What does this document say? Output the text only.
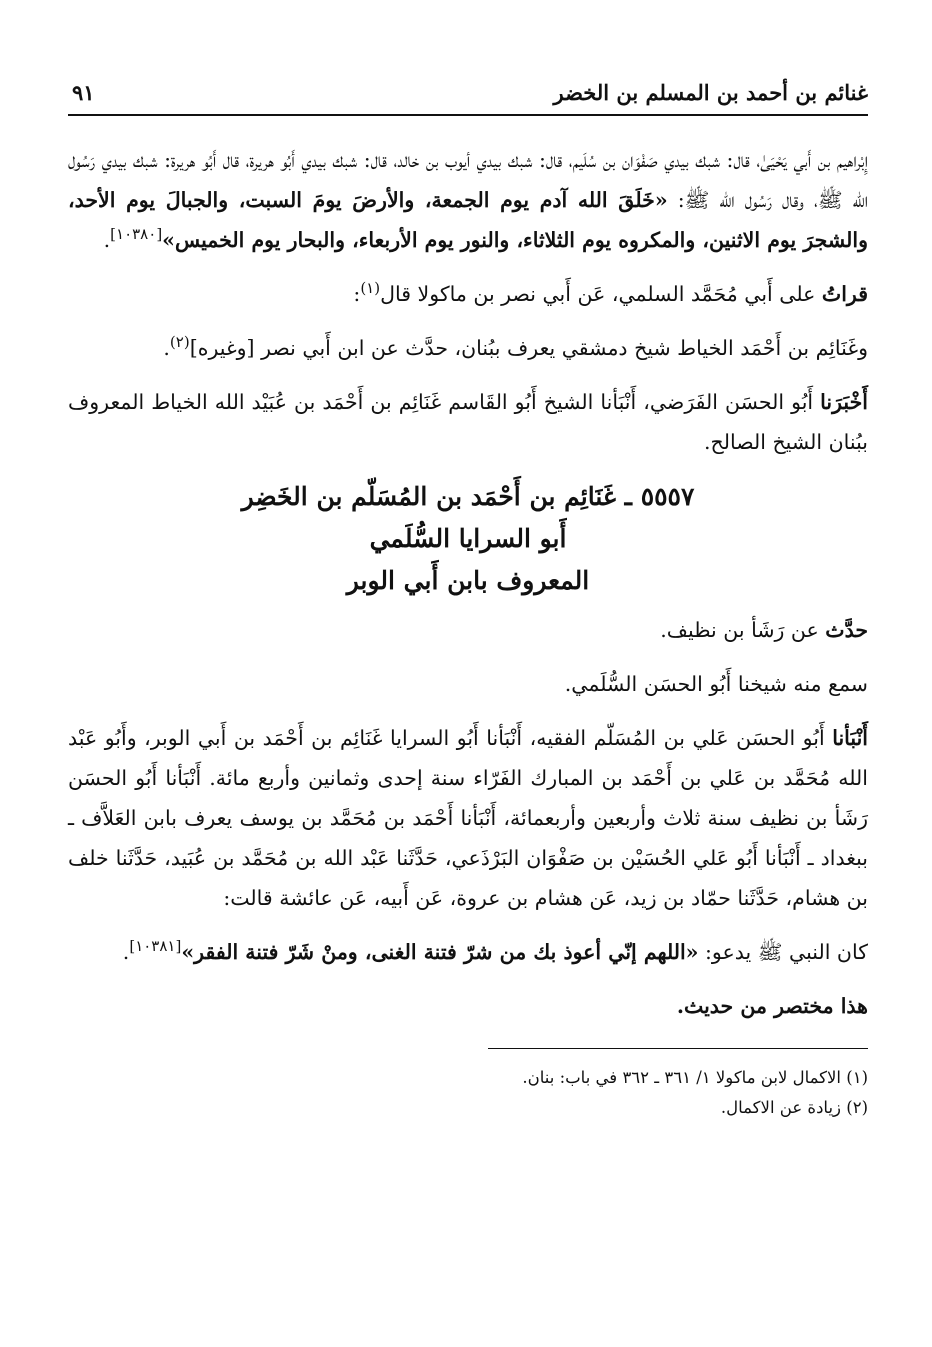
غنائم بن أحمد بن المسلم بن الخضر
٩١

إِبْراهيم بن أَبي يَحْيَىٰ، قال: شبك بيدي صَفْوَان بن سُلَيم، قال: شبك بيدي أيوب بن خالد، قال: شبك بيدي أَبُو هريرة، قال أَبُو هريرة: شبك بيدي رَسُول الله ﷺ، وقال رَسُول الله ﷺ: «خَلَقَ الله آدم يوم الجمعة، والأرضَ يومَ السبت، والجبالَ يوم الأحد، والشجرَ يوم الاثنين، والمكروه يوم الثلاثاء، والنور يوم الأربعاء، والبحار يوم الخميس»[١٠٣٨٠].

قراتُ على أَبي مُحَمَّد السلمي، عَن أَبي نصر بن ماكولا قال$^{(١)}$:

وغَنَائِم بن أَحْمَد الخياط شيخ دمشقي يعرف ببُنان، حدَّث عن ابن أَبي نصر [وغيره]$^{(٢)}$.

أَخْبَرَنا أَبُو الحسَن الفَرَضي، أَنْبَأنا الشيخ أَبُو القَاسم غَنَائِم بن أَحْمَد بن عُبَيْد الله الخياط المعروف ببُنان الشيخ الصالح.

٥٥٥٧ ـ غَنَائِم بن أَحْمَد بن المُسَلّم بن الخَضِر
أَبو السرايا السُّلَمي
المعروف بابن أَبي الوبر

حدَّث عن رَشَأ بن نظيف.

سمع منه شيخنا أَبُو الحسَن السُّلَمي.

أَنْبَأنا أَبُو الحسَن عَلي بن المُسَلّم الفقيه، أَنْبَأنا أَبُو السرايا غَنَائِم بن أَحْمَد بن أَبي الوبر، وأَبُو عَبْد الله مُحَمَّد بن عَلي بن أَحْمَد بن المبارك الفَرّاء سنة إحدى وثمانين وأربع مائة. أَنْبَأنا أَبُو الحسَن رَشَأ بن نظيف سنة ثلاث وأربعين وأربعمائة، أَنْبَأنا أَحْمَد بن مُحَمَّد بن يوسف يعرف بابن العَلاَّف ـ ببغداد ـ أَنْبَأنا أَبُو عَلي الحُسَيْن بن صَفْوَان البَرْذَعي، حَدَّثَنا عَبْد الله بن مُحَمَّد بن عُبَيد، حَدَّثَنا خلف بن هشام، حَدَّثَنا حمّاد بن زيد، عَن هشام بن عروة، عَن أَبيه، عَن عائشة قالت:

كان النبي ﷺ يدعو: «اللهم إنّي أعوذ بك من شرّ فتنة الغنى، ومنْ شَرّ فتنة الفقر»[١٠٣٨١].

هذا مختصر من حديث.

(١) الاكمال لابن ماكولا ١/ ٣٦١ ـ ٣٦٢ في باب: بنان.

(٢) زيادة عن الاكمال.
